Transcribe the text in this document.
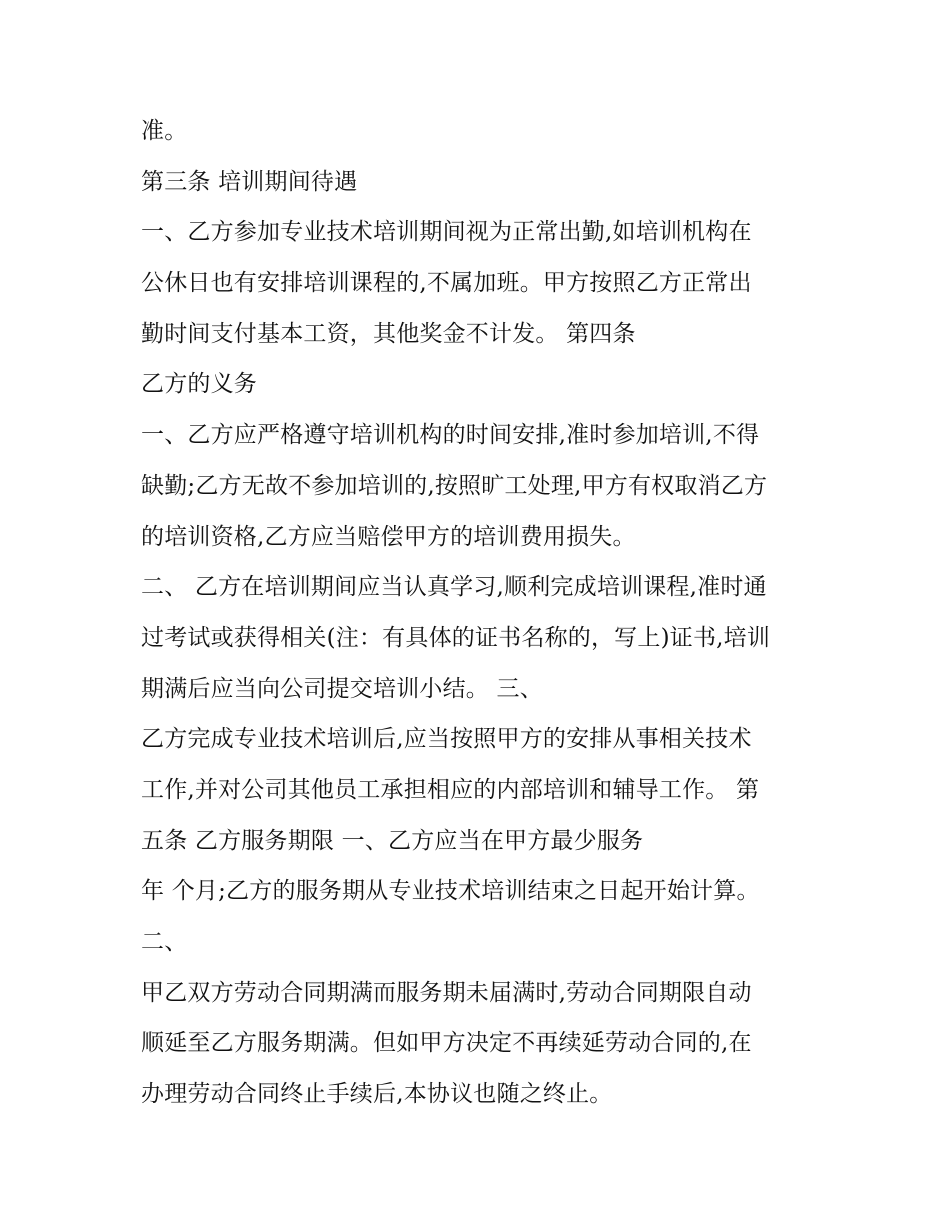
准。
第三条 培训期间待遇
一、乙方参加专业技术培训期间视为正常出勤,如培训机构在
公休日也有安排培训课程的,不属加班。甲方按照乙方正常出
勤时间支付基本工资，其他奖金不计发。 第四条
乙方的义务
一、乙方应严格遵守培训机构的时间安排,准时参加培训,不得
缺勤;乙方无故不参加培训的,按照旷工处理,甲方有权取消乙方
的培训资格,乙方应当赔偿甲方的培训费用损失。
二、 乙方在培训期间应当认真学习,顺利完成培训课程,准时通
过考试或获得相关(注：有具体的证书名称的，写上)证书,培训
期满后应当向公司提交培训小结。 三、
乙方完成专业技术培训后,应当按照甲方的安排从事相关技术
工作,并对公司其他员工承担相应的内部培训和辅导工作。 第
五条 乙方服务期限 一、乙方应当在甲方最少服务
年 个月;乙方的服务期从专业技术培训结束之日起开始计算。
二、
甲乙双方劳动合同期满而服务期未届满时,劳动合同期限自动
顺延至乙方服务期满。但如甲方决定不再续延劳动合同的,在
办理劳动合同终止手续后,本协议也随之终止。
